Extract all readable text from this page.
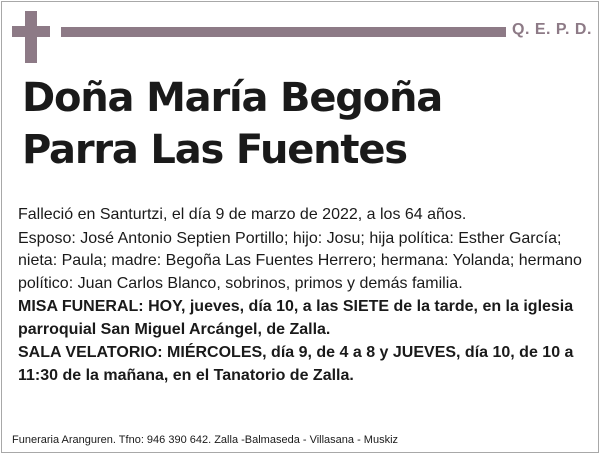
Q. E. P. D.
Doña María Begoña
Parra Las Fuentes

Falleció en Santurtzi, el día 9 de marzo de 2022, a los 64 años.

Esposo: José Antonio Septien Portillo; hijo: Josu; hija política: Esther García; nieta: Paula; madre: Begoña Las Fuentes Herrero; hermana: Yolanda; hermano político: Juan Carlos Blanco, sobrinos, primos y demás familia.

MISA FUNERAL: HOY, jueves, día 10, a las SIETE de la tarde, en la iglesia parroquial San Miguel Arcángel, de Zalla.

SALA VELATORIO: MIÉRCOLES, día 9, de 4 a 8 y JUEVES, día 10, de 10 a 11:30 de la mañana, en el Tanatorio de Zalla.

Funeraria Aranguren. Tfno: 946 390 642. Zalla -Balmaseda - Villasana - Muskiz
